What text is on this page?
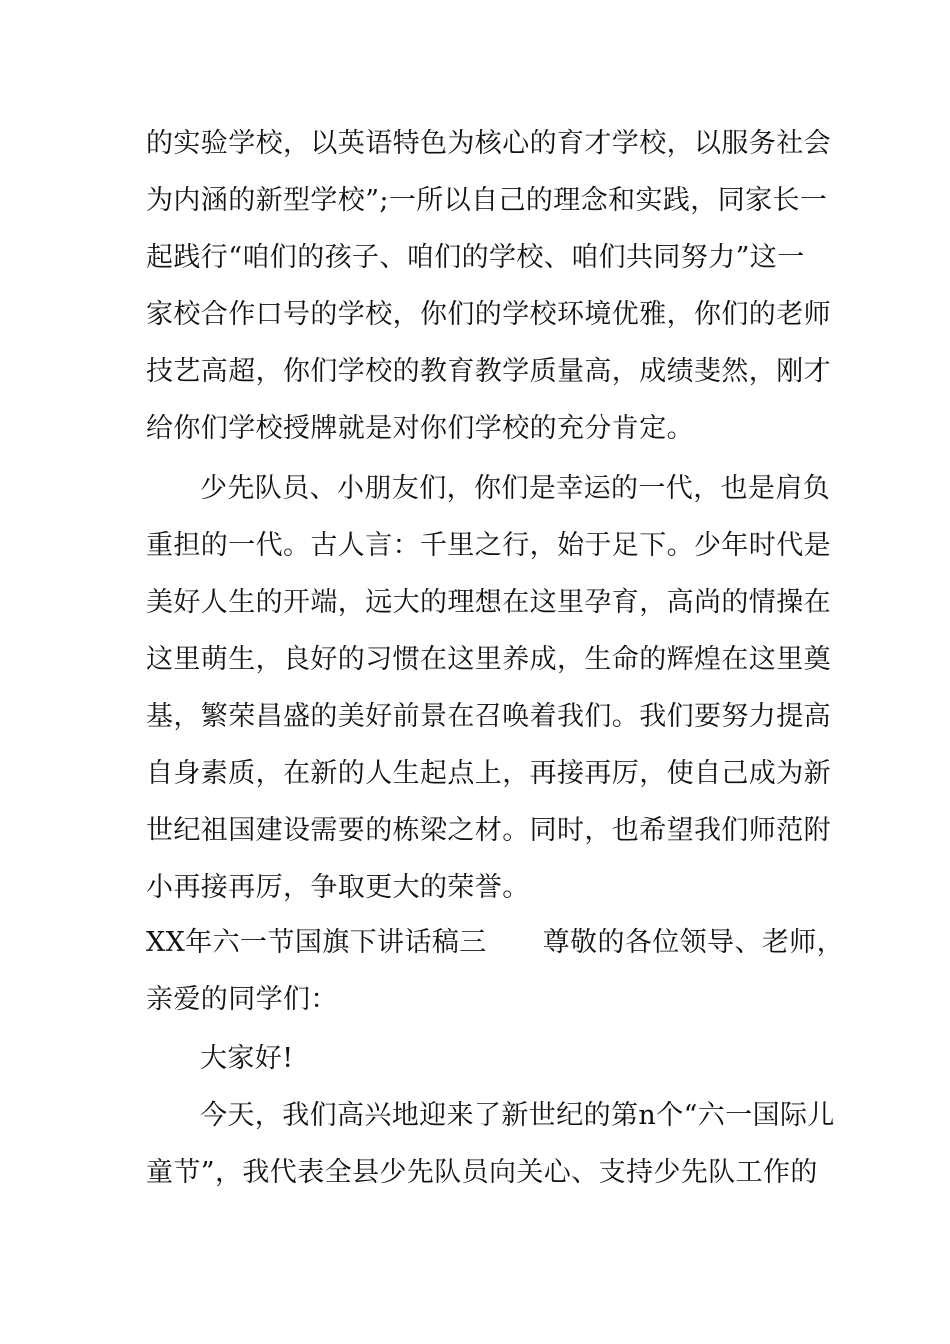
的实验学校，以英语特色为核心的育才学校，以服务社会
为内涵的新型学校”;一所以自己的理念和实践，同家长一
起践行“咱们的孩子、咱们的学校、咱们共同努力”这一
家校合作口号的学校，你们的学校环境优雅，你们的老师
技艺高超，你们学校的教育教学质量高，成绩斐然，刚才
给你们学校授牌就是对你们学校的充分肯定。
少先队员、小朋友们，你们是幸运的一代，也是肩负
重担的一代。古人言：千里之行，始于足下。少年时代是
美好人生的开端，远大的理想在这里孕育，高尚的情操在
这里萌生，良好的习惯在这里养成，生命的辉煌在这里奠
基，繁荣昌盛的美好前景在召唤着我们。我们要努力提高
自身素质，在新的人生起点上，再接再厉，使自己成为新
世纪祖国建设需要的栋梁之材。同时，也希望我们师范附
小再接再厉，争取更大的荣誉。
XX年六一节国旗下讲话稿三 尊敬的各位领导、老师，
亲爱的同学们：
大家好!
今天，我们高兴地迎来了新世纪的第n个“六一国际儿
童节”，我代表全县少先队员向关心、支持少先队工作的
